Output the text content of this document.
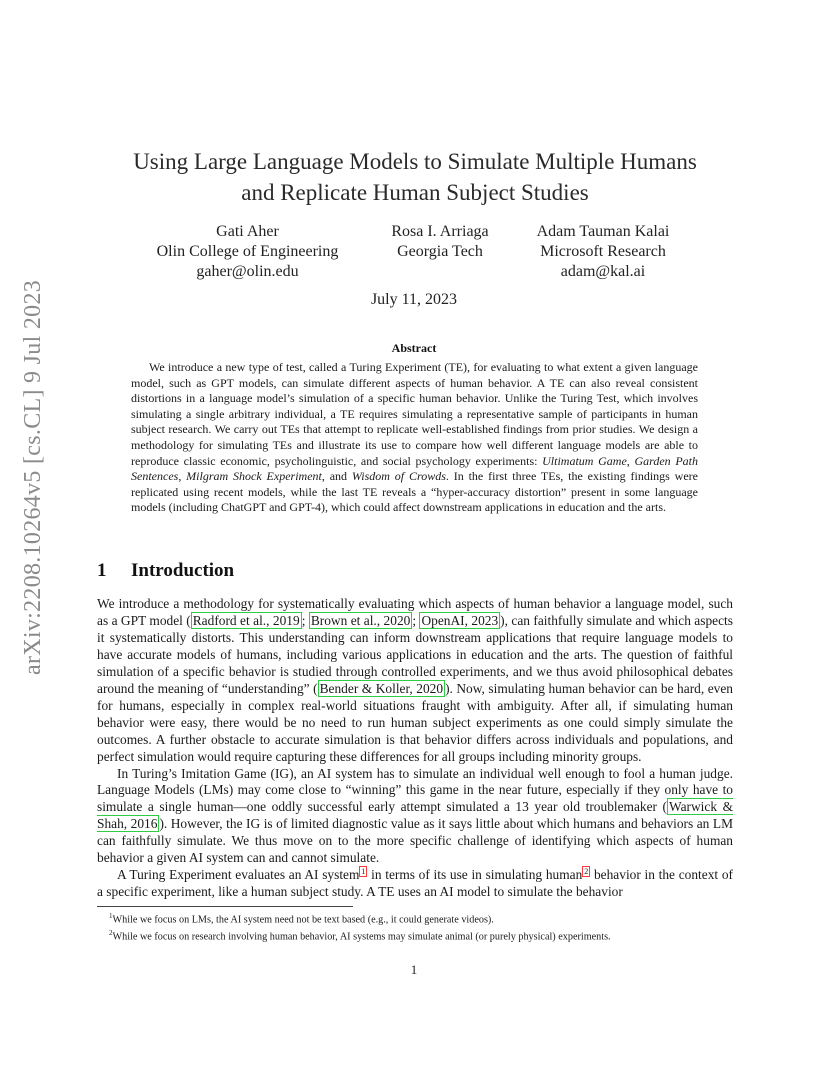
arXiv:2208.10264v5 [cs.CL] 9 Jul 2023
Using Large Language Models to Simulate Multiple Humans
and Replicate Human Subject Studies
Gati Aher
Olin College of Engineering
gaher@olin.edu
Rosa I. Arriaga
Georgia Tech
Adam Tauman Kalai
Microsoft Research
adam@kal.ai
July 11, 2023
Abstract
We introduce a new type of test, called a Turing Experiment (TE), for evaluating to what extent a given language model, such as GPT models, can simulate different aspects of human behavior. A TE can also reveal consistent distortions in a language model’s simulation of a specific human behavior. Unlike the Turing Test, which involves simulating a single arbitrary individual, a TE requires simulating a representative sample of participants in human subject research. We carry out TEs that attempt to replicate well-established findings from prior studies. We design a methodology for simulating TEs and illustrate its use to compare how well different language models are able to reproduce classic economic, psycholinguistic, and social psychology experiments: Ultimatum Game, Garden Path Sentences, Milgram Shock Experiment, and Wisdom of Crowds. In the first three TEs, the existing findings were replicated using recent models, while the last TE reveals a “hyper-accuracy distortion” present in some language models (including ChatGPT and GPT-4), which could affect downstream applications in education and the arts.
1 Introduction

We introduce a methodology for systematically evaluating which aspects of human behavior a language model, such as a GPT model ( Radford et al., 2019 ; Brown et al., 2020 ; OpenAI, 2023 ), can faithfully simulate and which aspects it systematically distorts. This understanding can inform downstream applications that require language models to have accurate models of humans, including various applications in education and the arts. The question of faithful simulation of a specific behavior is studied through controlled experiments, and we thus avoid philosophical debates around the meaning of “understanding” ( Bender & Koller, 2020 ). Now, simulating human behavior can be hard, even for humans, especially in complex real-world situations fraught with ambiguity. After all, if simulating human behavior were easy, there would be no need to run human subject experiments as one could simply simulate the outcomes. A further obstacle to accurate simulation is that behavior differs across individuals and populations, and perfect simulation would require capturing these differences for all groups including minority groups.

In Turing’s Imitation Game (IG), an AI system has to simulate an individual well enough to fool a human judge. Language Models (LMs) may come close to “winning” this game in the near future, especially if they only have to simulate a single human—one oddly successful early attempt simulated a 13 year old troublemaker ( Warwick & Shah, 2016 ). However, the IG is of limited diagnostic value as it says little about which humans and behaviors an LM can faithfully simulate. We thus move on to the more specific challenge of identifying which aspects of human behavior a given AI system can and cannot simulate.

A Turing Experiment evaluates an AI system $^1$ in terms of its use in simulating human $^2$ behavior in the context of a specific experiment, like a human subject study. A TE uses an AI model to simulate the behavior

$^1$While we focus on LMs, the AI system need not be text based (e.g., it could generate videos).
$^2$While we focus on research involving human behavior, AI systems may simulate animal (or purely physical) experiments.
1
